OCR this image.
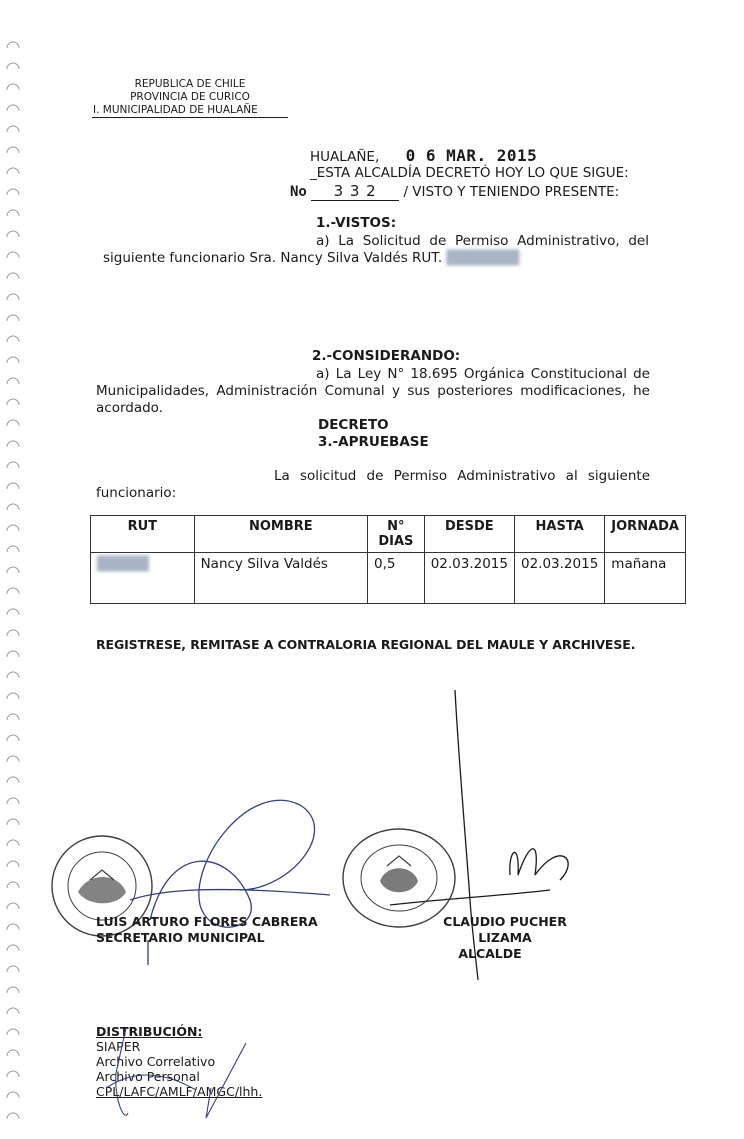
REPUBLICA DE CHILE
PROVINCIA DE CURICO
I. MUNICIPALIDAD DE HUALAÑE
HUALAÑE, 0 6 MAR. 2015
_ESTA ALCALDÍA DECRETÓ HOY LO QUE SIGUE:
No 3 3 2 / VISTO Y TENIENDO PRESENTE:
1.-VISTOS:
a) La Solicitud de Permiso Administrativo, del
siguiente funcionario Sra. Nancy Silva Valdés RUT. ███████
2.-CONSIDERANDO:
a) La Ley N° 18.695 Orgánica Constitucional de
Municipalidades, Administración Comunal y sus posteriores modificaciones, he
acordado.
DECRETO
3.-APRUEBASE
La solicitud de Permiso Administrativo al siguiente
funcionario:
RUT	NOMBRE	N° DIAS	DESDE	HASTA	JORNADA
█████	Nancy Silva Valdés	0,5	02.03.2015	02.03.2015	mañana
REGISTRESE, REMITASE A CONTRALORIA REGIONAL DEL MAULE Y ARCHIVESE.
LUIS ARTURO FLORES CABRERA
SECRETARIO MUNICIPAL
CLAUDIO PUCHER LIZAMA
ALCALDE
DISTRIBUCIÓN:
SIAPER
Archivo Correlativo
Archivo Personal
CPL/LAFC/AMLF/AMGC/lhh.
